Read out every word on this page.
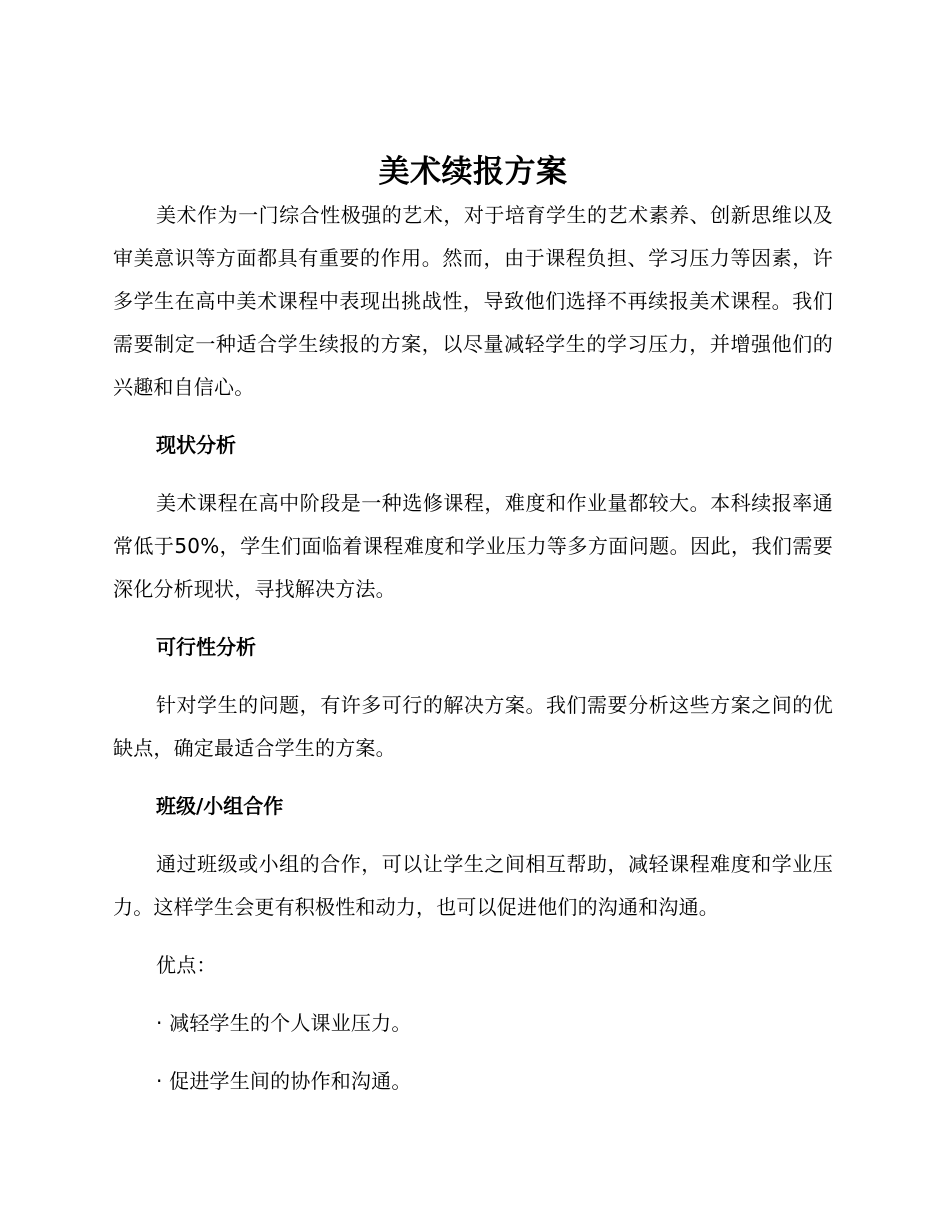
美术续报方案

美术作为一门综合性极强的艺术，对于培育学生的艺术素养、创新思维以及审美意识等方面都具有重要的作用。然而，由于课程负担、学习压力等因素，许多学生在高中美术课程中表现出挑战性，导致他们选择不再续报美术课程。我们需要制定一种适合学生续报的方案，以尽量减轻学生的学习压力，并增强他们的兴趣和自信心。

现状分析

美术课程在高中阶段是一种选修课程，难度和作业量都较大。本科续报率通常低于50%，学生们面临着课程难度和学业压力等多方面问题。因此，我们需要深化分析现状，寻找解决方法。

可行性分析

针对学生的问题，有许多可行的解决方案。我们需要分析这些方案之间的优缺点，确定最适合学生的方案。

班级/小组合作

通过班级或小组的合作，可以让学生之间相互帮助，减轻课程难度和学业压力。这样学生会更有积极性和动力，也可以促进他们的沟通和沟通。

优点：

· 减轻学生的个人课业压力。

· 促进学生间的协作和沟通。
